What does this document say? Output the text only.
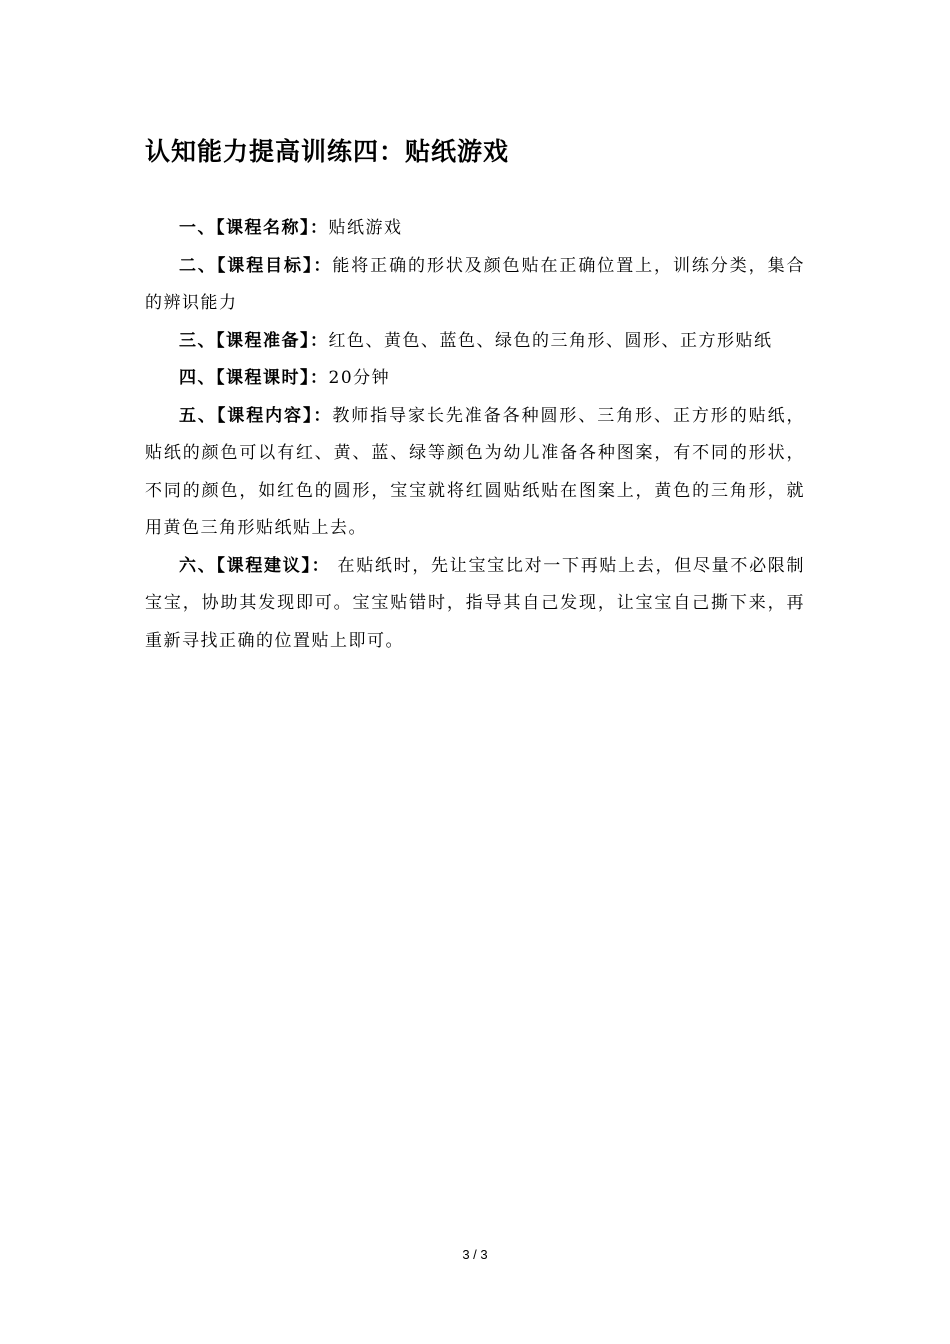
认知能力提高训练四：贴纸游戏

一、【课程名称】：贴纸游戏

二、【课程目标】：能将正确的形状及颜色贴在正确位置上，训练分类，集合的辨识能力

三、【课程准备】：红色、黄色、蓝色、绿色的三角形、圆形、正方形贴纸

四、【课程课时】：20分钟

五、【课程内容】：教师指导家长先准备各种圆形、三角形、正方形的贴纸，贴纸的颜色可以有红、黄、蓝、绿等颜色为幼儿准备各种图案，有不同的形状，不同的颜色，如红色的圆形，宝宝就将红圆贴纸贴在图案上，黄色的三角形，就用黄色三角形贴纸贴上去。

六、【课程建议】： 在贴纸时，先让宝宝比对一下再贴上去，但尽量不必限制宝宝，协助其发现即可。宝宝贴错时，指导其自己发现，让宝宝自己撕下来，再重新寻找正确的位置贴上即可。

3 / 3
